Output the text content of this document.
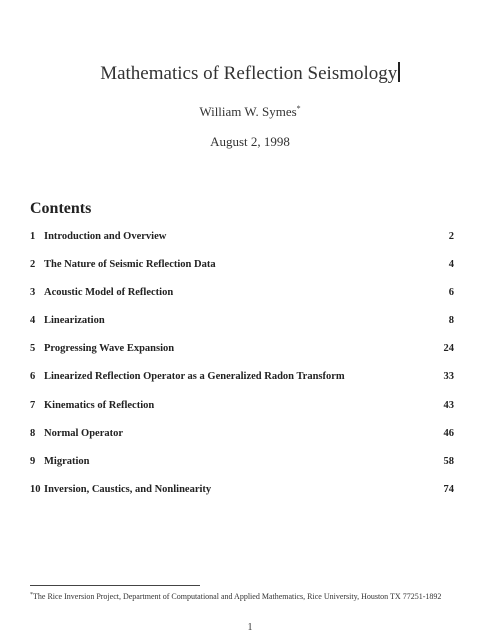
Mathematics of Reflection Seismology
William W. Symes*
August 2, 1998
Contents
1 Introduction and Overview	2
2 The Nature of Seismic Reflection Data	4
3 Acoustic Model of Reflection	6
4 Linearization	8
5 Progressing Wave Expansion	24
6 Linearized Reflection Operator as a Generalized Radon Transform	33
7 Kinematics of Reflection	43
8 Normal Operator	46
9 Migration	58
10 Inversion, Caustics, and Nonlinearity	74
*The Rice Inversion Project, Department of Computational and Applied Mathematics, Rice University, Houston TX 77251-1892
1
